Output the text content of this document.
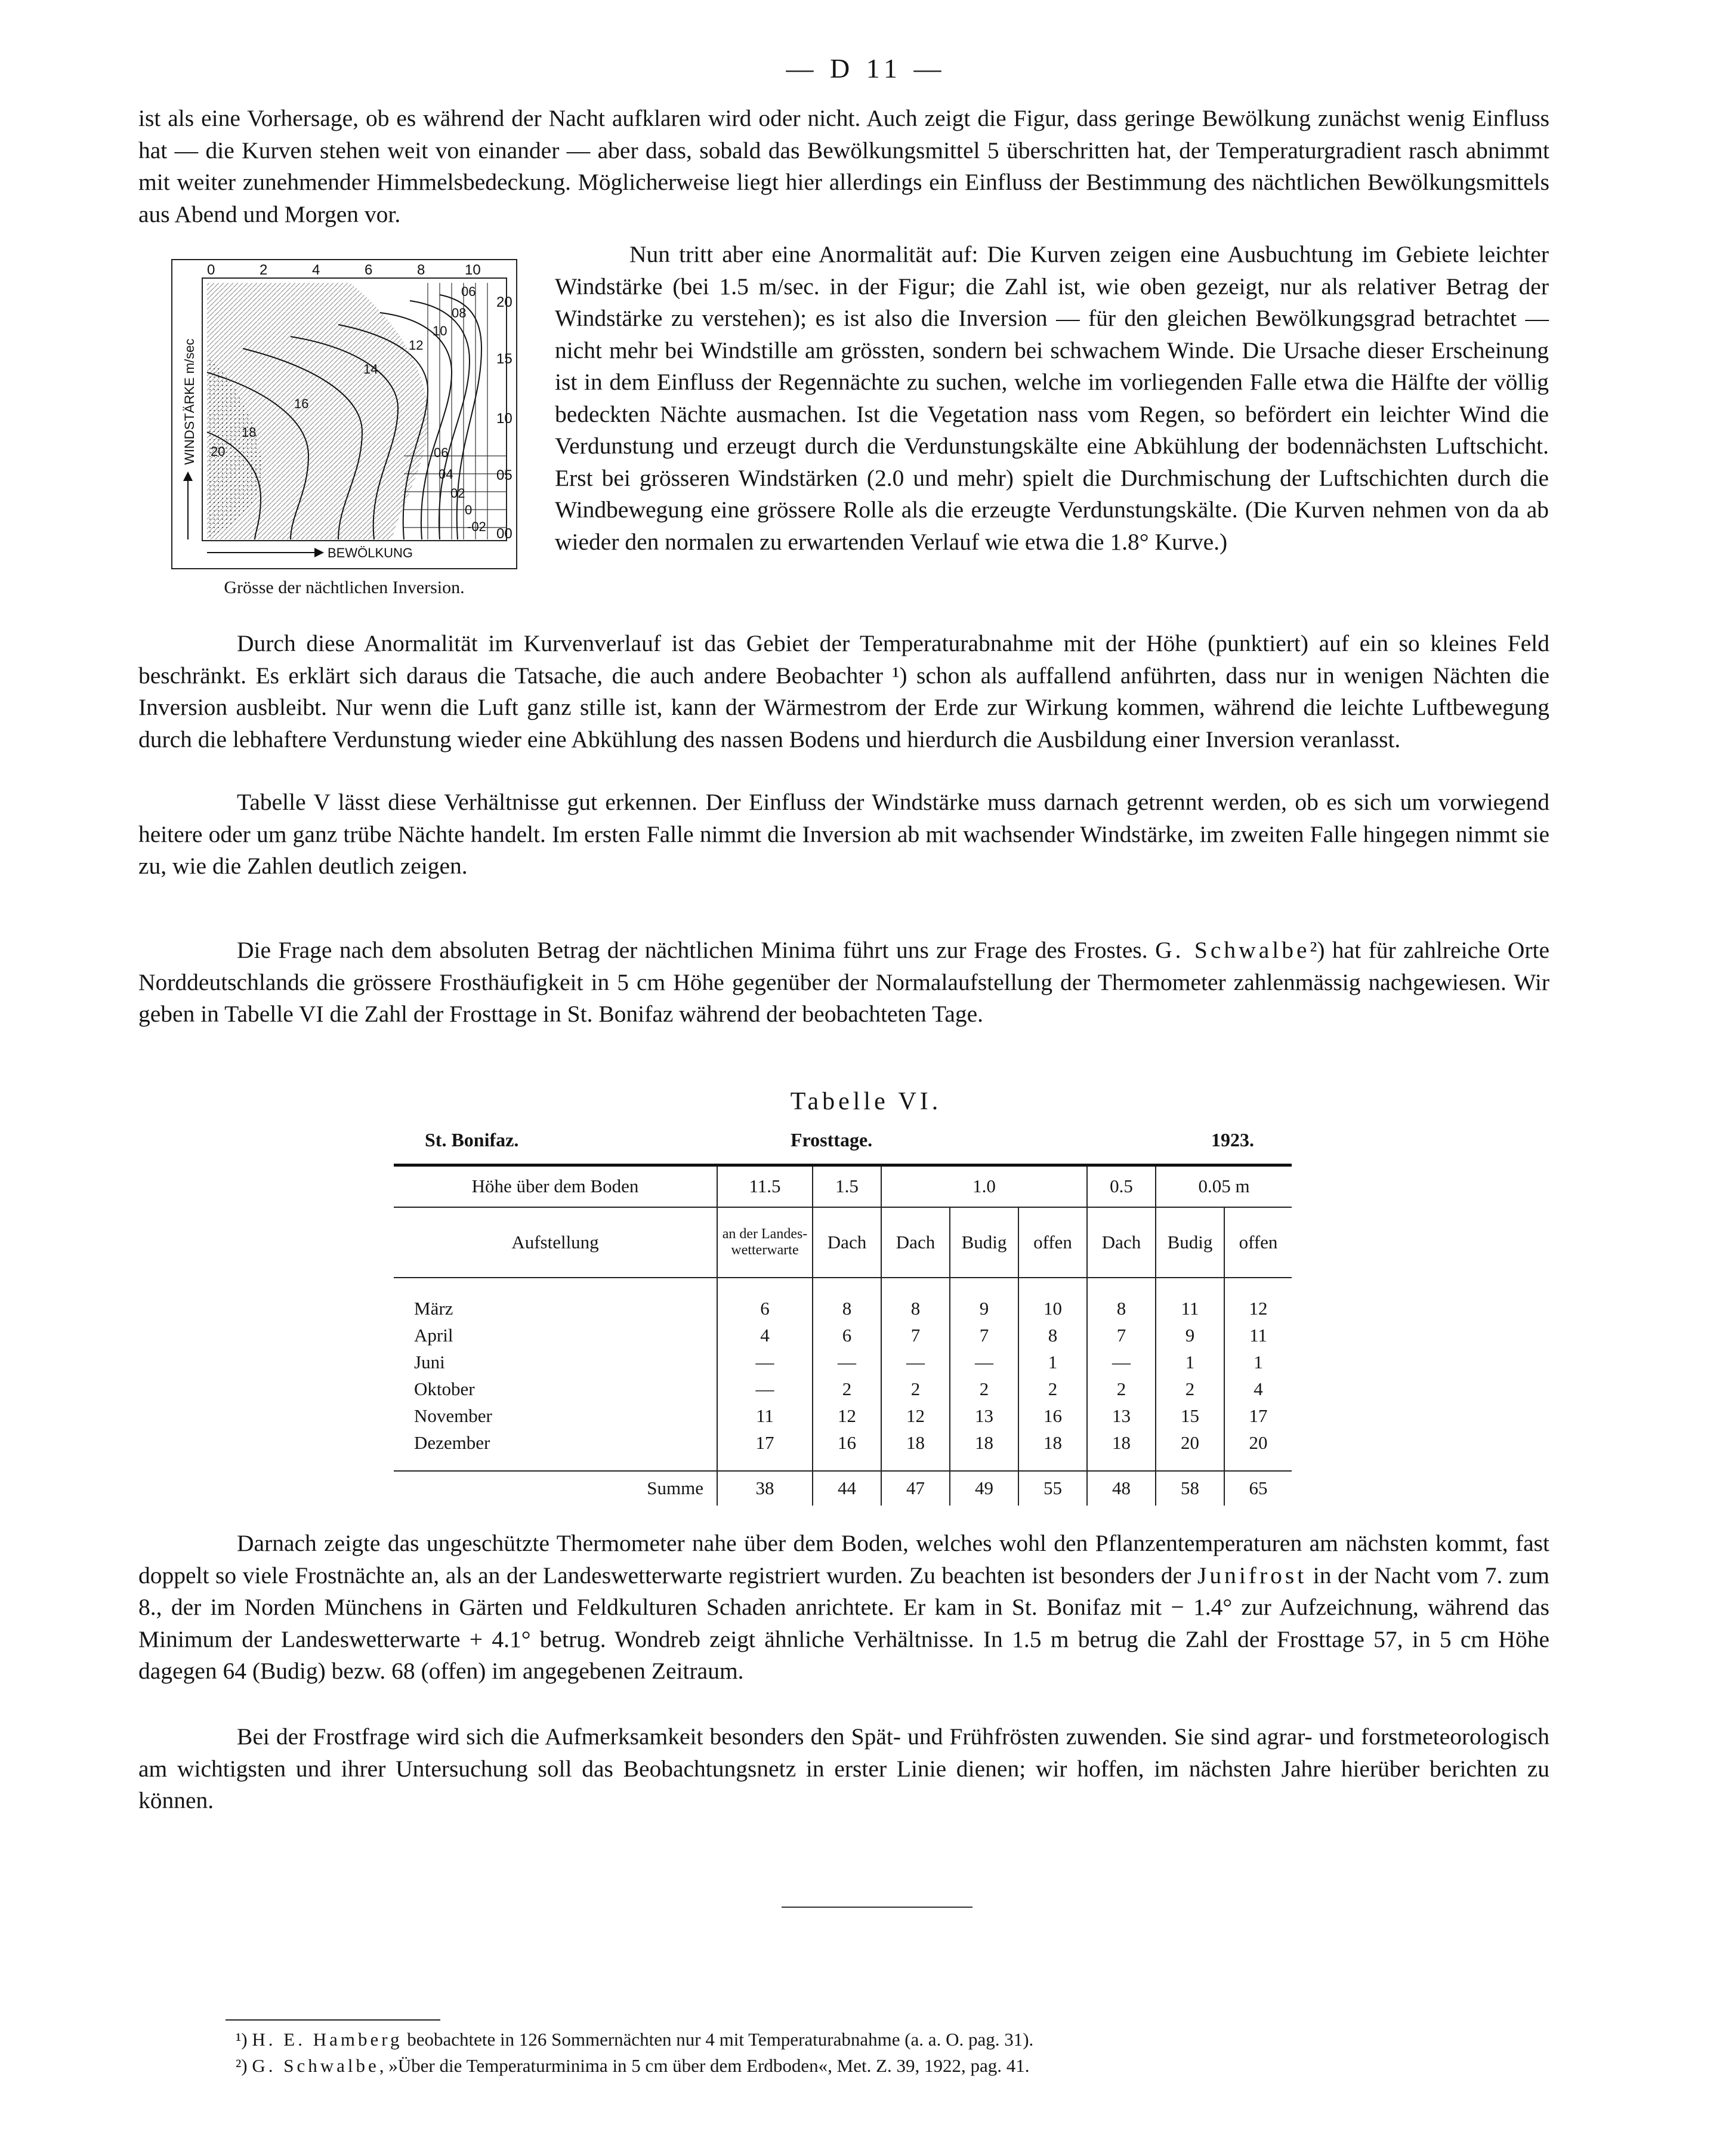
— D 11 —
ist als eine Vorhersage, ob es während der Nacht aufklaren wird oder nicht. Auch zeigt die Figur, dass geringe Bewölkung zunächst wenig Einfluss hat — die Kurven stehen weit von einander — aber dass, sobald das Bewölkungsmittel 5 überschritten hat, der Temperaturgradient rasch abnimmt mit weiter zunehmender Himmelsbedeckung. Möglicherweise liegt hier allerdings ein Einfluss der Bestimmung des nächtlichen Bewölkungsmittels aus Abend und Morgen vor.
0	2	4	6	8	10
20
15
10
05
00
06
08
10
12
14
16
18
20	06
04
02
0
-02
BEWÖLKUNG
WINDSTÄRKE m/sec
Grösse der nächtlichen Inversion.
Nun tritt aber eine Anormalität auf: Die Kurven zeigen eine Ausbuchtung im Gebiete leichter Windstärke (bei 1.5 m/sec. in der Figur; die Zahl ist, wie oben gezeigt, nur als relativer Betrag der Windstärke zu verstehen); es ist also die Inversion — für den gleichen Bewölkungsgrad betrachtet — nicht mehr bei Windstille am grössten, sondern bei schwachem Winde. Die Ursache dieser Erscheinung ist in dem Einfluss der Regennächte zu suchen, welche im vorliegenden Falle etwa die Hälfte der völlig bedeckten Nächte ausmachen. Ist die Vegetation nass vom Regen, so befördert ein leichter Wind die Verdunstung und erzeugt durch die Verdunstungskälte eine Abkühlung der bodennächsten Luftschicht. Erst bei grösseren Windstärken (2.0 und mehr) spielt die Durchmischung der Luftschichten durch die Windbewegung eine grössere Rolle als die erzeugte Verdunstungskälte. (Die Kurven nehmen von da ab wieder den normalen zu erwartenden Verlauf wie etwa die 1.8° Kurve.)
Durch diese Anormalität im Kurvenverlauf ist das Gebiet der Temperaturabnahme mit der Höhe (punktiert) auf ein so kleines Feld beschränkt. Es erklärt sich daraus die Tatsache, die auch andere Beobachter ¹) schon als auffallend anführten, dass nur in wenigen Nächten die Inversion ausbleibt. Nur wenn die Luft ganz stille ist, kann der Wärmestrom der Erde zur Wirkung kommen, während die leichte Luftbewegung durch die lebhaftere Verdunstung wieder eine Abkühlung des nassen Bodens und hierdurch die Ausbildung einer Inversion veranlasst.
Tabelle V lässt diese Verhältnisse gut erkennen. Der Einfluss der Windstärke muss darnach getrennt werden, ob es sich um vorwiegend heitere oder um ganz trübe Nächte handelt. Im ersten Falle nimmt die Inversion ab mit wachsender Windstärke, im zweiten Falle hingegen nimmt sie zu, wie die Zahlen deutlich zeigen.
Die Frage nach dem absoluten Betrag der nächtlichen Minima führt uns zur Frage des Frostes. G. Schwalbe²) hat für zahlreiche Orte Norddeutschlands die grössere Frosthäufigkeit in 5 cm Höhe gegenüber der Normalaufstellung der Thermometer zahlenmässig nachgewiesen. Wir geben in Tabelle VI die Zahl der Frosttage in St. Bonifaz während der beobachteten Tage.
Tabelle VI.
St. Bonifaz.	Frosttage.	1923.
Höhe über dem Boden	11.5	1.5	1.0			0.5	0.05 m	
Aufstellung	an der Landes-wetterwarte	Dach	Dach	Budig	offen	Dach	Budig	offen

März	6	8	8	9	10	8	11	12
April	4	6	7	7	8	7	9	11
Juni	—	—	—	—	1	—	1	1
Oktober	—	2	2	2	2	2	2	4
November	11	12	12	13	16	13	15	17
Dezember	17	16	18	18	18	18	20	20

Summe	38	44	47	49	55	48	58	65
Darnach zeigte das ungeschützte Thermometer nahe über dem Boden, welches wohl den Pflanzentemperaturen am nächsten kommt, fast doppelt so viele Frostnächte an, als an der Landeswetterwarte registriert wurden. Zu beachten ist besonders der Junifrost in der Nacht vom 7. zum 8., der im Norden Münchens in Gärten und Feldkulturen Schaden anrichtete. Er kam in St. Bonifaz mit − 1.4° zur Aufzeichnung, während das Minimum der Landeswetterwarte + 4.1° betrug. Wondreb zeigt ähnliche Verhältnisse. In 1.5 m betrug die Zahl der Frosttage 57, in 5 cm Höhe dagegen 64 (Budig) bezw. 68 (offen) im angegebenen Zeitraum.
Bei der Frostfrage wird sich die Aufmerksamkeit besonders den Spät- und Frühfrösten zuwenden. Sie sind agrar- und forstmeteorologisch am wichtigsten und ihrer Untersuchung soll das Beobachtungsnetz in erster Linie dienen; wir hoffen, im nächsten Jahre hierüber berichten zu können.
¹) H. E. Hamberg beobachtete in 126 Sommernächten nur 4 mit Temperaturabnahme (a. a. O. pag. 31).
²) G. Schwalbe, »Über die Temperaturminima in 5 cm über dem Erdboden«, Met. Z. 39, 1922, pag. 41.
